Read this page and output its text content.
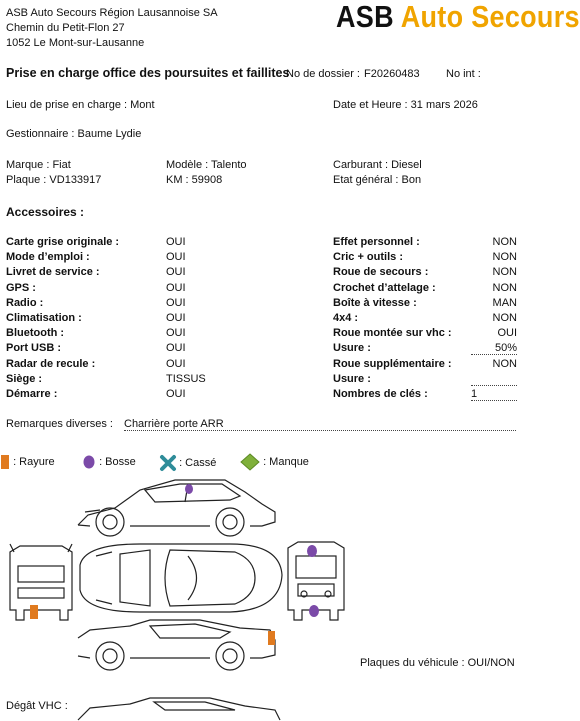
ASB Auto Secours Région Lausannoise SA
Chemin du Petit-Flon 27
1052 Le Mont-sur-Lausanne
ASB Auto Secours
Prise en charge office des poursuites et faillites
No de dossier : F20260483 No int :
Lieu de prise en charge : Mont	Date et Heure : 31 mars 2026
Gestionnaire : Baume Lydie
Marque : Fiat	Modèle : Talento	Carburant : Diesel
Plaque : VD133917	KM : 59908	Etat général : Bon
Accessoires :
Carte grise originale :	OUI
Mode d’emploi :	OUI
Livret de service :	OUI
GPS :	OUI
Radio :	OUI
Climatisation :	OUI
Bluetooth :	OUI
Port USB :	OUI
Radar de recule :	OUI
Siège :	TISSUS
Démarre :	OUI
Effet personnel :	NON
Cric + outils :	NON
Roue de secours :	NON
Crochet d’attelage :	NON
Boîte à vitesse :	MAN
4x4 :	NON
Roue montée sur vhc :	OUI
Usure :	50%
Roue supplémentaire :	NON
Usure :
Nombres de clés :	1
Remarques diverses : Charrière porte ARR
: Rayure	: Bosse	: Cassé	: Manque
Plaques du véhicule : OUI/NON
Dégât VHC :
